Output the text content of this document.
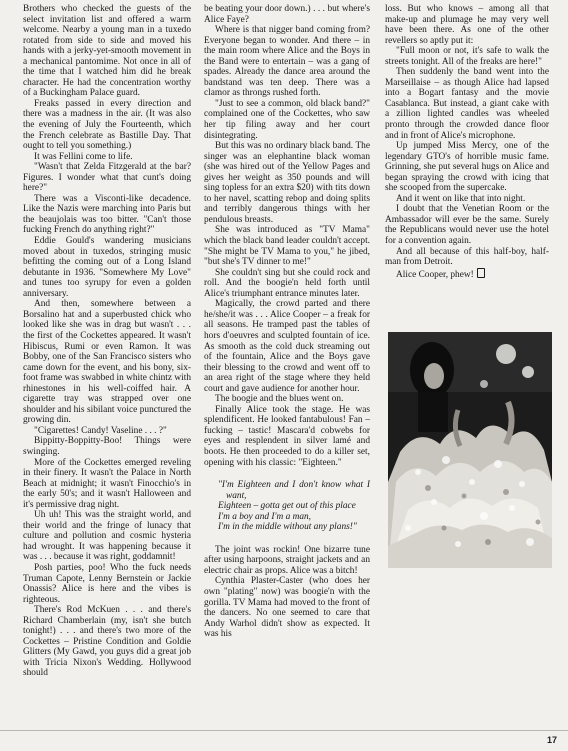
Brothers who checked the guests of the select invitation list and offered a warm welcome. Nearby a young man in a tuxedo rotated from side to side and moved his hands with a jerky-yet-smooth movement in a mechanical pantomime. Not once in all of the time that I watched him did he break character. He had the concentration worthy of a Buckingham Palace guard.

Freaks passed in every direction and there was a madness in the air. (It was also the evening of July the Fourteenth, which the French celebrate as Bastille Day. That ought to tell you something.)

It was Fellini come to life.

"Wasn't that Zelda Fitzgerald at the bar? Figures. I wonder what that cunt's doing here?"

There was a Visconti-like decadence. Like the Nazis were marching into Paris but the beaujolais was too bitter. "Can't those fucking French do anything right?"

Eddie Gould's wandering musicians moved about in tuxedos, stringing music befitting the coming out of a Long Island debutante in 1936. "Somewhere My Love" and tunes too syrupy for even a golden anniversary.

And then, somewhere between a Borsalino hat and a superbusted chick who looked like she was in drag but wasn't . . . the first of the Cockettes appeared. It wasn't Hibiscus, Rumi or even Ramon. It was Bobby, one of the San Francisco sisters who came down for the event, and his bony, six-foot frame was swabbed in white chintz with rhinestones in his well-coiffed hair. A cigarette tray was strapped over one shoulder and his sibilant voice punctured the growing din.

"Cigarettes! Candy! Vaseline . . . ?"

Bippitty-Boppitty-Boo! Things were swinging.

More of the Cockettes emerged reveling in their finery. It wasn't the Palace in North Beach at midnight; it wasn't Finocchio's in the early 50's; and it wasn't Halloween and it's permissive drag night.

Uh uh! This was the straight world, and their world and the fringe of lunacy that culture and pollution and cosmic hysteria had wrought. It was happening because it was . . . because it was right, goddamnit!

Posh parties, poo! Who the fuck needs Truman Capote, Lenny Bernstein or Jackie Onassis? Alice is here and the vibes is righteous.

There's Rod McKuen . . . and there's Richard Chamberlain (my, isn't she butch tonight!) . . . and there's two more of the Cockettes – Pristine Condition and Goldie Glitters (My Gawd, you guys did a great job with Tricia Nixon's Wedding. Hollywood should

be beating your door down.) . . . but where's Alice Faye?

Where is that nigger band coming from? Everyone began to wonder. And there – in the main room where Alice and the Boys in the Band were to entertain – was a gang of spades. Already the dance area around the bandstand was ten deep. There was a clamor as throngs rushed forth.

"Just to see a common, old black band?" complained one of the Cockettes, who saw her tip filing away and her court disintegrating.

But this was no ordinary black band. The singer was an elephantine black woman (she was hired out of the Yellow Pages and gives her weight as 350 pounds and will sing topless for an extra $20) with tits down to her navel, scatting rebop and doing splits and terribly dangerous things with her pendulous breasts.

She was introduced as "TV Mama" which the black band leader couldn't accept. "She might be TV Mama to you," he jibed, "but she's TV dinner to me!"

She couldn't sing but she could rock and roll. And the boogie'n held forth until Alice's triumphant entrance minutes later.

Magically, the crowd parted and there he/she/it was . . . Alice Cooper – a freak for all seasons. He tramped past the tables of hors d'oeuvres and sculpted fountain of ice. As smooth as the cold duck streaming out of the fountain, Alice and the Boys gave their blessing to the crowd and went off to an area right of the stage where they held court and gave audience for another hour.

The boogie and the blues went on.

Finally Alice took the stage. He was splendificent. He looked fantabulous! Fan – fucking – tastic! Mascara'd cobwebs for eyes and resplendent in silver lamé and boots. He then proceeded to do a killer set, opening with his classic: "Eighteen."

"I'm Eighteen and I don't know what I want,
Eighteen – gotta get out of this place
I'm a boy and I'm a man,
I'm in the middle without any plans!"

The joint was rockin! One bizarre tune after using harpoons, straight jackets and an electric chair as props. Alice was a bitch!

Cynthia Plaster-Caster (who does her own "plating" now) was boogie'n with the gorilla. TV Mama had moved to the front of the dancers. No one seemed to care that Andy Warhol didn't show as expected. It was his

loss. But who knows – among all that make-up and plumage he may very well have been there. As one of the other revellers so aptly put it:

"Full moon or not, it's safe to walk the streets tonight. All of the freaks are here!"

Then suddenly the band went into the Marseillaise – as though Alice had lapsed into a Bogart fantasy and the movie Casablanca. But instead, a giant cake with a zillion lighted candles was wheeled pronto through the crowded dance floor and in front of Alice's microphone.

Up jumped Miss Mercy, one of the legendary GTO's of horrible music fame. Grinning, she put several hugs on Alice and began spraying the crowd with icing that she scooped from the supercake.

And it went on like that into night.

I doubt that the Venetian Room or the Ambassador will ever be the same. Surely the Republicans would never use the hotel for a convention again.

And all because of this half-boy, half-man from Detroit.

Alice Cooper, phew!

17
